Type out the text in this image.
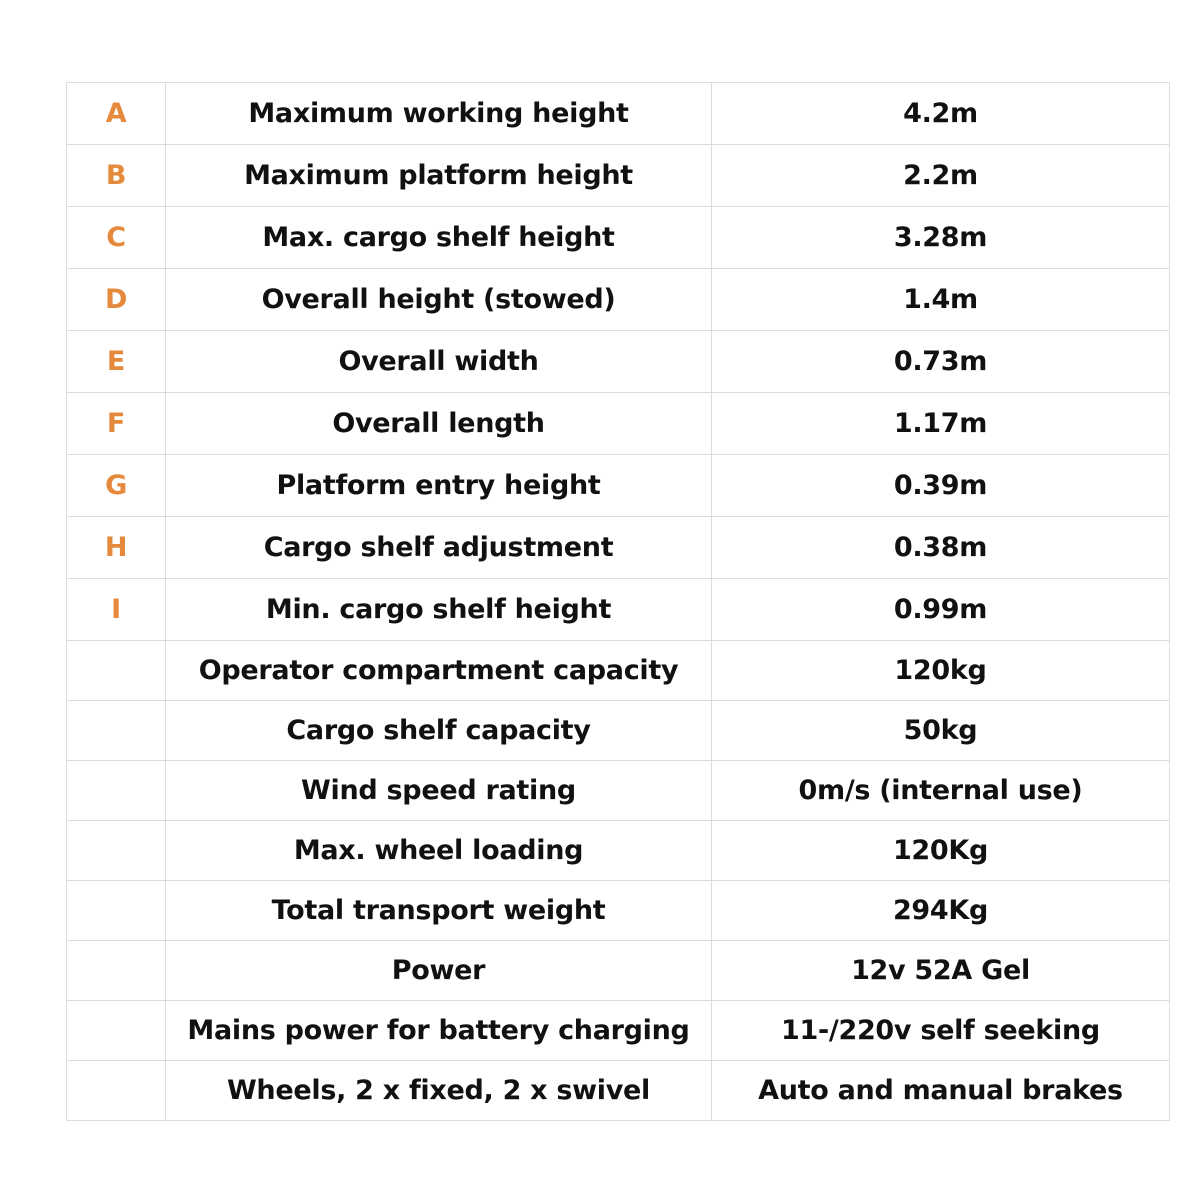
A	Maximum working height	4.2m
B	Maximum platform height	2.2m
C	Max. cargo shelf height	3.28m
D	Overall height (stowed)	1.4m
E	Overall width	0.73m
F	Overall length	1.17m
G	Platform entry height	0.39m
H	Cargo shelf adjustment	0.38m
I	Min. cargo shelf height	0.99m
	Operator compartment capacity	120kg
	Cargo shelf capacity	50kg
	Wind speed rating	0m/s (internal use)
	Max. wheel loading	120Kg
	Total transport weight	294Kg
	Power	12v 52A Gel
	Mains power for battery charging	11-/220v self seeking
	Wheels, 2 x fixed, 2 x swivel	Auto and manual brakes
